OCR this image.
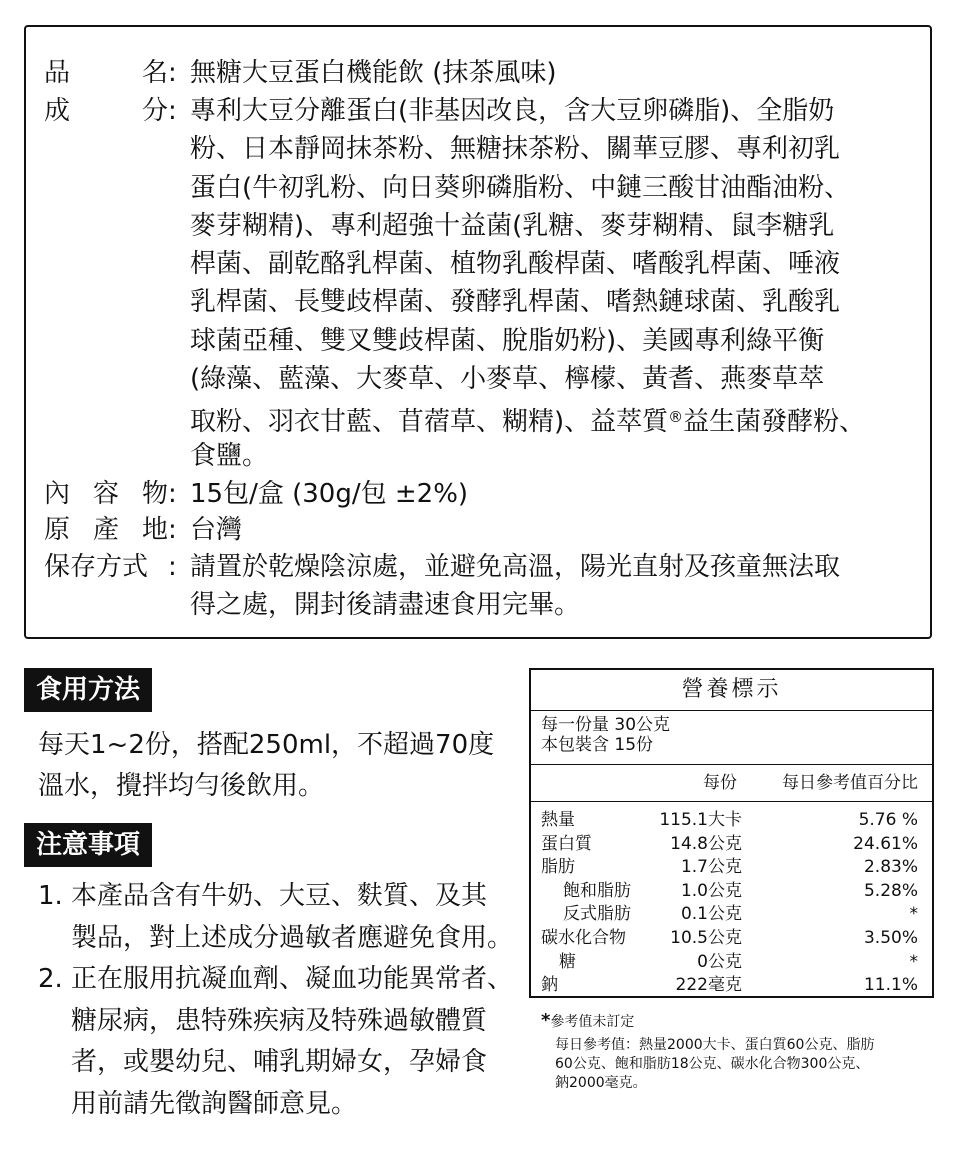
品	名 : 無糖大豆蛋白機能飲 (抹茶風味)
成	分 : 專利大豆分離蛋白(非基因改良，含大豆卵磷脂)、全脂奶
粉、日本靜岡抹茶粉、無糖抹茶粉、關華豆膠、專利初乳
蛋白(牛初乳粉、向日葵卵磷脂粉、中鏈三酸甘油酯油粉、
麥芽糊精)、專利超強十益菌(乳糖、麥芽糊精、鼠李糖乳
桿菌、副乾酪乳桿菌、植物乳酸桿菌、嗜酸乳桿菌、唾液
乳桿菌、長雙歧桿菌、發酵乳桿菌、嗜熱鏈球菌、乳酸乳
球菌亞種、雙叉雙歧桿菌、脫脂奶粉)、美國專利綠平衡
(綠藻、藍藻、大麥草、小麥草、檸檬、黃耆、燕麥草萃
取粉、羽衣甘藍、苜蓿草、糊精)、益萃質®益生菌發酵粉、
食鹽。
內 容 物 : 15包/盒 (30g/包 ±2%)
原 產 地 : 台灣
保存方式 : 請置於乾燥陰涼處，並避免高溫，陽光直射及孩童無法取
得之處，開封後請盡速食用完畢。
食用方法
每天1~2份，搭配250ml，不超過70度
溫水，攪拌均勻後飲用。
注意事項
1. 本產品含有牛奶、大豆、麩質、及其
製品，對上述成分過敏者應避免食用。
2. 正在服用抗凝血劑、凝血功能異常者、
糖尿病，患特殊疾病及特殊過敏體質
者，或嬰幼兒、哺乳期婦女，孕婦食
用前請先徵詢醫師意見。
營養標示
每一份量 30公克
本包裝含 15份
每份	每日參考值百分比
熱量	115.1大卡	5.76 %
蛋白質	14.8公克	24.61%
脂肪	1.7公克	2.83%
飽和脂肪	1.0公克	5.28%
反式脂肪	0.1公克	*
碳水化合物	10.5公克	3.50%
糖	0公克	*
鈉	222毫克	11.1%
*參考值未訂定
每日參考值：熱量2000大卡、蛋白質60公克、脂肪
60公克、飽和脂肪18公克、碳水化合物300公克、
鈉2000毫克。
